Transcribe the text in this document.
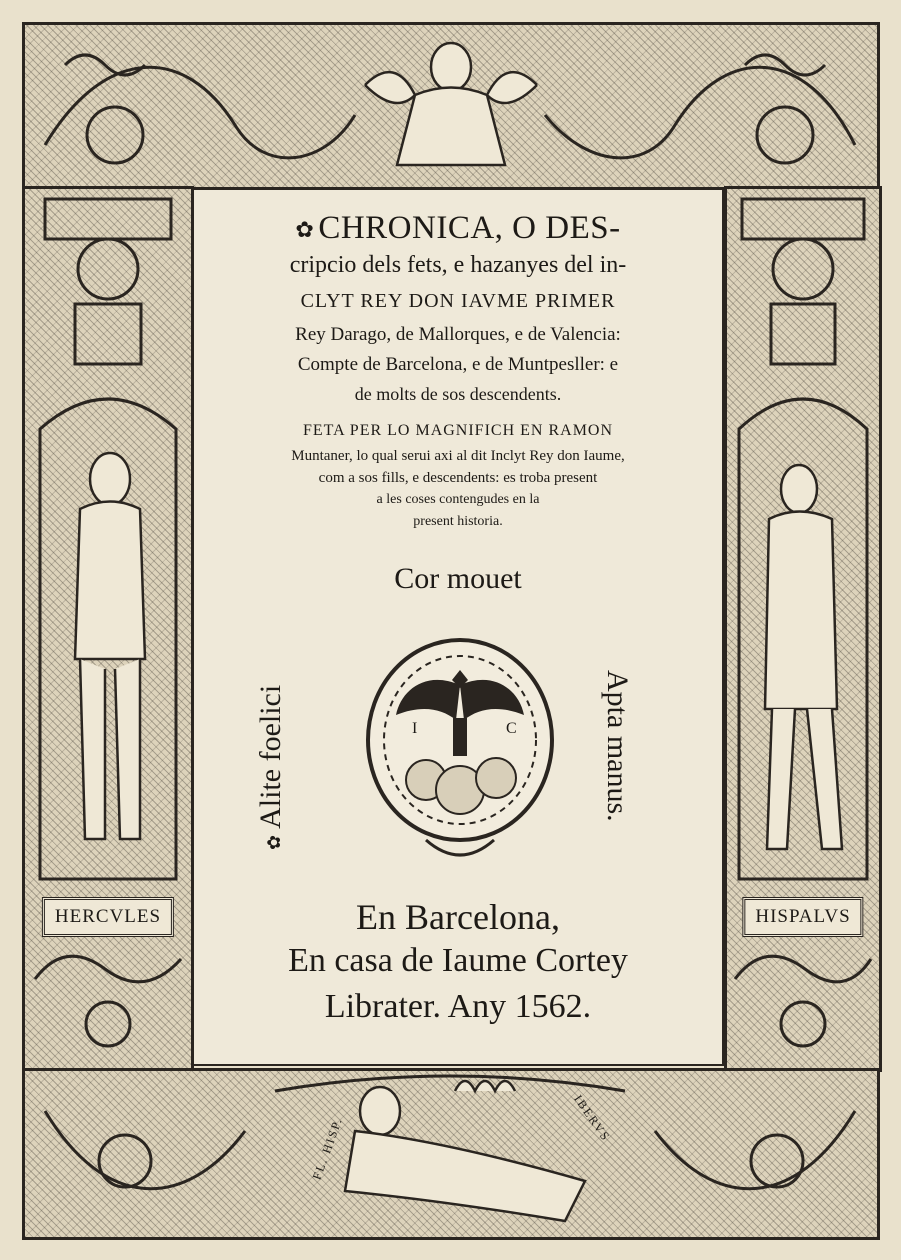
HERCVLES	HISPALVS
FL. HISP.	IBERVS
✿ CHRONICA, O DES-
cripcio dels fets, e hazanyes del in-
CLYT REY DON IAVME PRIMER
Rey Darago, de Mallorques, e de Valencia:
Compte de Barcelona, e de Muntpesller: e
de molts de sos descendents.
FETA PER LO MAGNIFICH EN RAMON
Muntaner, lo qual serui axi al dit Inclyt Rey don Iaume,
com a sos fills, e descendents: es troba present
a les coses contengudes en la
present historia.
Cor mouet
✿Alite foelici	Apta manus.
I	C
En Barcelona,
En casa de Iaume Cortey
Librater. Any 1562.
